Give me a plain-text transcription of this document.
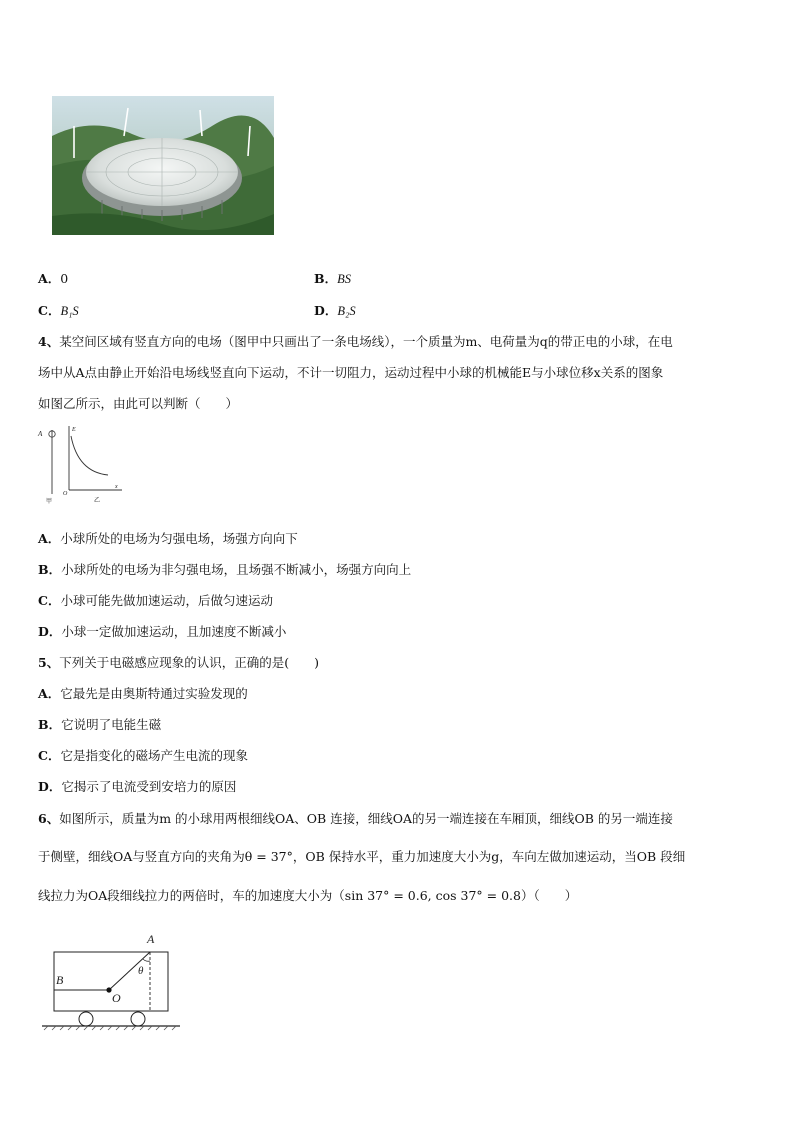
A．0	B．BS
C．B₁S	D．B₂S
4、某空间区域有竖直方向的电场（图甲中只画出了一条电场线），一个质量为m、电荷量为q的带正电的小球，在电
场中从A点由静止开始沿电场线竖直向下运动，不计一切阻力，运动过程中小球的机械能E与小球位移x关系的图象
如图乙所示，由此可以判断（　　）
A
甲
E
O
x
乙
A．小球所处的电场为匀强电场，场强方向向下
B．小球所处的电场为非匀强电场，且场强不断减小，场强方向向上
C．小球可能先做加速运动，后做匀速运动
D．小球一定做加速运动，且加速度不断减小
5、下列关于电磁感应现象的认识，正确的是(　　)
A．它最先是由奥斯特通过实验发现的
B．它说明了电能生磁
C．它是指变化的磁场产生电流的现象
D．它揭示了电流受到安培力的原因
6、如图所示，质量为m 的小球用两根细线OA、OB 连接，细线OA的另一端连接在车厢顶，细线OB 的另一端连接
于侧壁，细线OA与竖直方向的夹角为θ = 37°，OB 保持水平，重力加速度大小为g，车向左做加速运动，当OB 段细
线拉力为OA段细线拉力的两倍时，车的加速度大小为（sin 37° = 0.6, cos 37° = 0.8）（　　）
A
θ
B
O
